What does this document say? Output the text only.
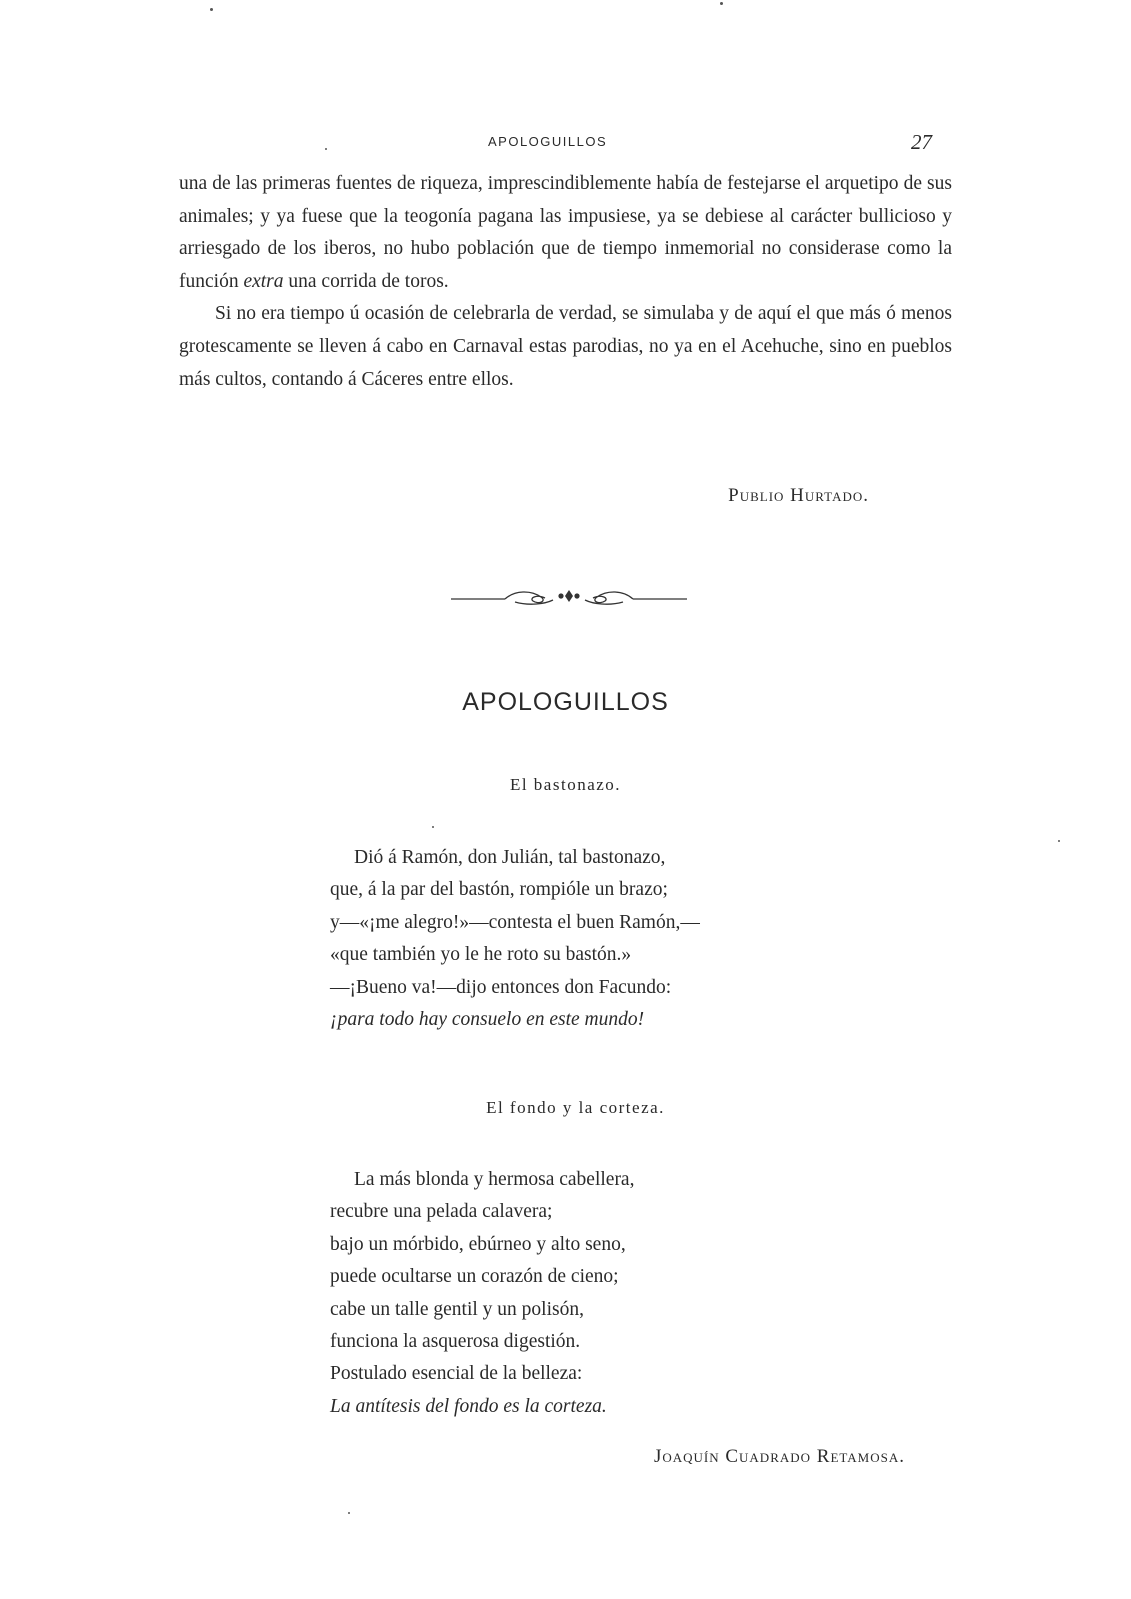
APOLOGUILLOS	27

una de las primeras fuentes de riqueza, imprescindiblemente había de festejarse el arquetipo de sus animales; y ya fuese que la teogonía pagana las impusiese, ya se debiese al carácter bullicioso y arriesgado de los iberos, no hubo población que de tiempo inmemorial no considerase como la función extra una corrida de toros.

Si no era tiempo ú ocasión de celebrarla de verdad, se simulaba y de aquí el que más ó menos grotescamente se lleven á cabo en Carnaval estas parodias, no ya en el Acehuche, sino en pueblos más cultos, contando á Cáceres entre ellos.

Publio Hurtado.
APOLOGUILLOS
El bastonazo.
Dió á Ramón, don Julián, tal bastonazo,
que, á la par del bastón, rompióle un brazo;
y—«¡me alegro!»—contesta el buen Ramón,—
«que también yo le he roto su bastón.»
—¡Bueno va!—dijo entonces don Facundo:
¡para todo hay consuelo en este mundo!
El fondo y la corteza.
La más blonda y hermosa cabellera,
recubre una pelada calavera;
bajo un mórbido, ebúrneo y alto seno,
puede ocultarse un corazón de cieno;
cabe un talle gentil y un polisón,
funciona la asquerosa digestión.
Postulado esencial de la belleza:
La antítesis del fondo es la corteza.
Joaquín Cuadrado Retamosa.
